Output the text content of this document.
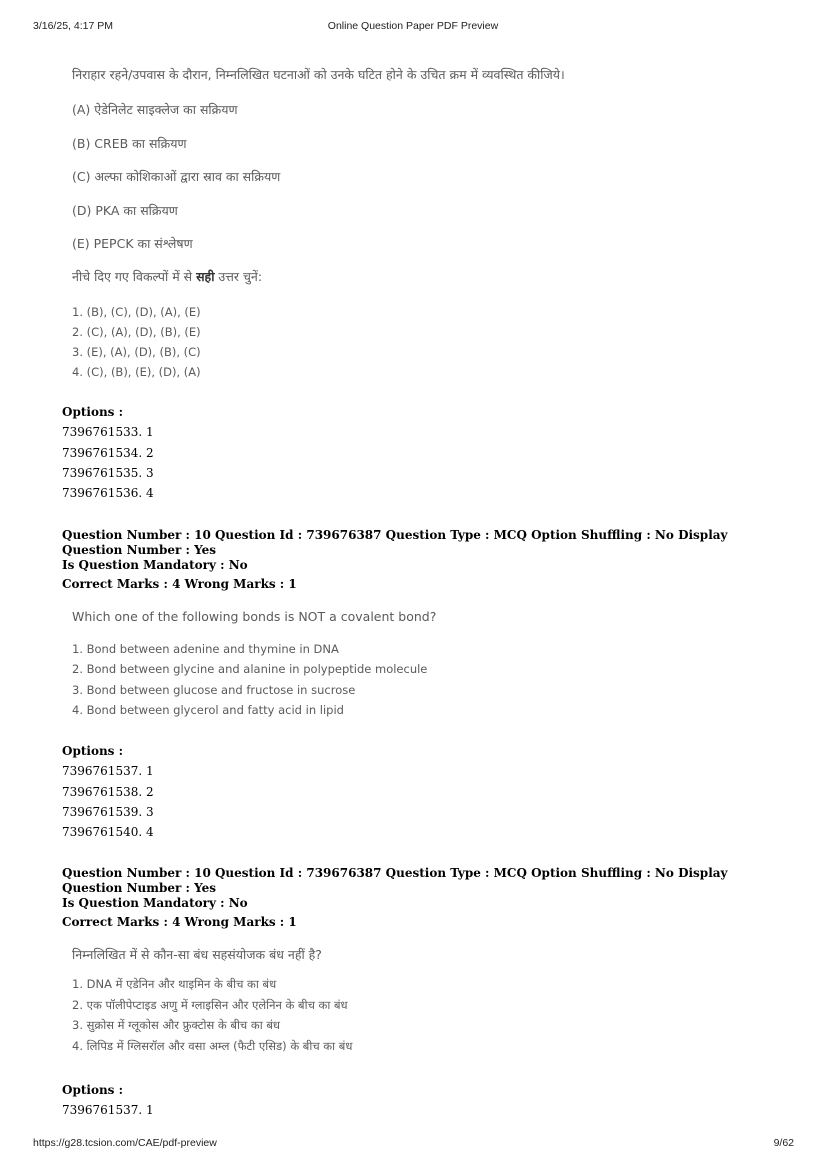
3/16/25, 4:17 PM	Online Question Paper PDF Preview
निराहार रहने/उपवास के दौरान, निम्नलिखित घटनाओं को उनके घटित होने के उचित क्रम में व्यवस्थित कीजिये।
(A) ऐडेनिलेट साइक्लेज का सक्रियण
(B) CREB का सक्रियण
(C) अल्फा कोशिकाओं द्वारा स्राव का सक्रियण
(D) PKA का सक्रियण
(E) PEPCK का संश्लेषण
नीचे दिए गए विकल्पों में से सही उत्तर चुनें:
1. (B), (C), (D), (A), (E)
2. (C), (A), (D), (B), (E)
3. (E), (A), (D), (B), (C)
4. (C), (B), (E), (D), (A)
Options :
7396761533. 1
7396761534. 2
7396761535. 3
7396761536. 4
Question Number : 10 Question Id : 739676387 Question Type : MCQ Option Shuffling : No Display Question Number : Yes
Is Question Mandatory : No
Correct Marks : 4 Wrong Marks : 1
Which one of the following bonds is NOT a covalent bond?
1. Bond between adenine and thymine in DNA
2. Bond between glycine and alanine in polypeptide molecule
3. Bond between glucose and fructose in sucrose
4. Bond between glycerol and fatty acid in lipid
Options :
7396761537. 1
7396761538. 2
7396761539. 3
7396761540. 4
Question Number : 10 Question Id : 739676387 Question Type : MCQ Option Shuffling : No Display Question Number : Yes
Is Question Mandatory : No
Correct Marks : 4 Wrong Marks : 1
निम्नलिखित में से कौन-सा बंध सहसंयोजक बंध नहीं है?
1. DNA में एडेनिन और थाइमिन के बीच का बंध
2. एक पॉलीपेप्टाइड अणु में ग्लाइसिन और एलेनिन के बीच का बंध
3. सुक्रोस में ग्लूकोस और फ्रुक्टोस के बीच का बंध
4. लिपिड में ग्लिसरॉल और वसा अम्ल (फैटी एसिड) के बीच का बंध
Options :
7396761537. 1
https://g28.tcsion.com/CAE/pdf-preview	9/62
